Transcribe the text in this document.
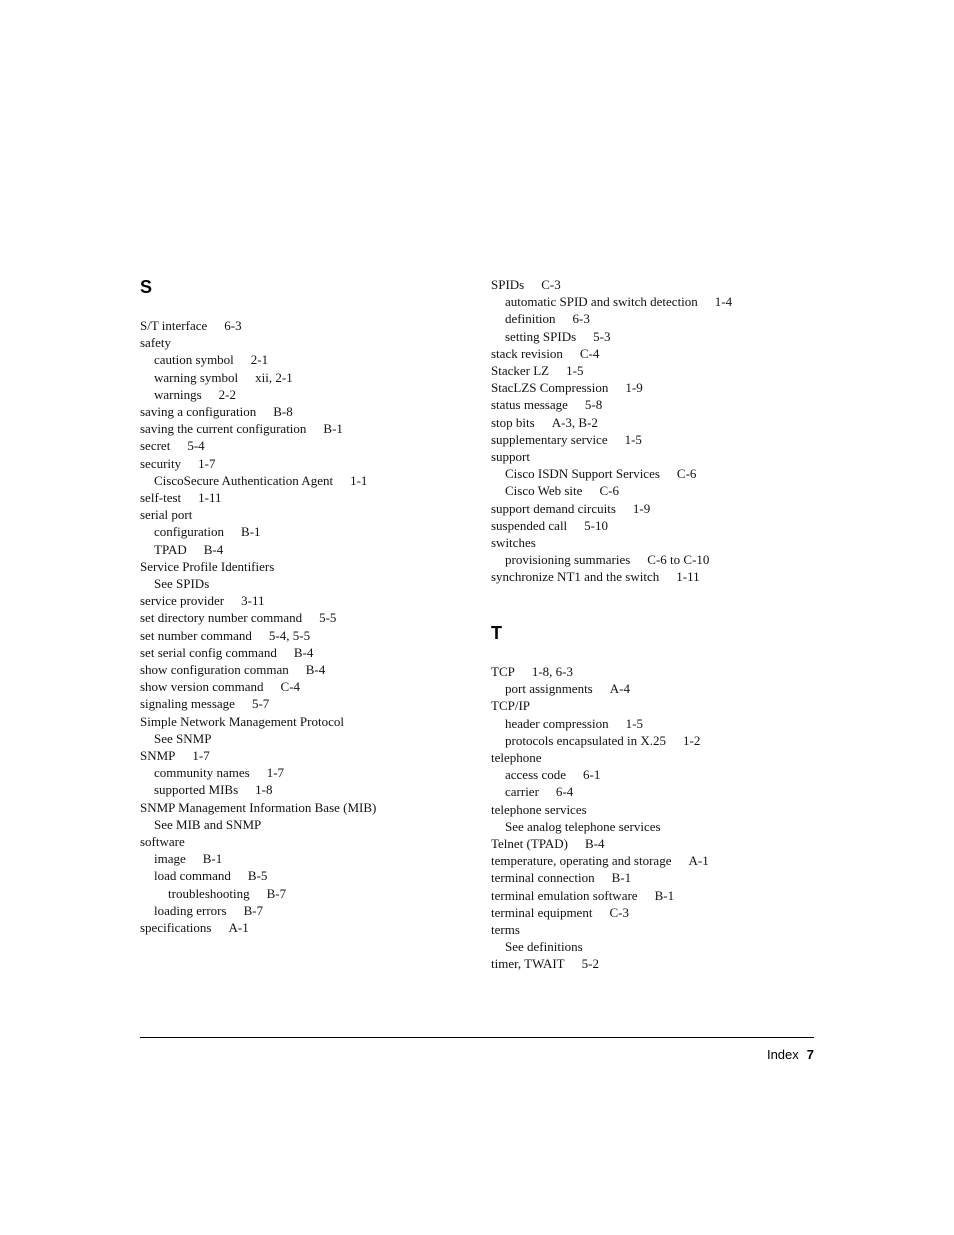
S
S/T interface 6-3
safety
caution symbol 2-1
warning symbol xii, 2-1
warnings 2-2
saving a configuration B-8
saving the current configuration B-1
secret 5-4
security 1-7
CiscoSecure Authentication Agent 1-1
self-test 1-11
serial port
configuration B-1
TPAD B-4
Service Profile Identifiers
See SPIDs
service provider 3-11
set directory number command 5-5
set number command 5-4, 5-5
set serial config command B-4
show configuration comman B-4
show version command C-4
signaling message 5-7
Simple Network Management Protocol
See SNMP
SNMP 1-7
community names 1-7
supported MIBs 1-8
SNMP Management Information Base (MIB)
See MIB and SNMP
software
image B-1
load command B-5
troubleshooting B-7
loading errors B-7
specifications A-1
SPIDs C-3
automatic SPID and switch detection 1-4
definition 6-3
setting SPIDs 5-3
stack revision C-4
Stacker LZ 1-5
StacLZS Compression 1-9
status message 5-8
stop bits A-3, B-2
supplementary service 1-5
support
Cisco ISDN Support Services C-6
Cisco Web site C-6
support demand circuits 1-9
suspended call 5-10
switches
provisioning summaries C-6 to C-10
synchronize NT1 and the switch 1-11
T
TCP 1-8, 6-3
port assignments A-4
TCP/IP
header compression 1-5
protocols encapsulated in X.25 1-2
telephone
access code 6-1
carrier 6-4
telephone services
See analog telephone services
Telnet (TPAD) B-4
temperature, operating and storage A-1
terminal connection B-1
terminal emulation software B-1
terminal equipment C-3
terms
See definitions
timer, TWAIT 5-2
Index 7
